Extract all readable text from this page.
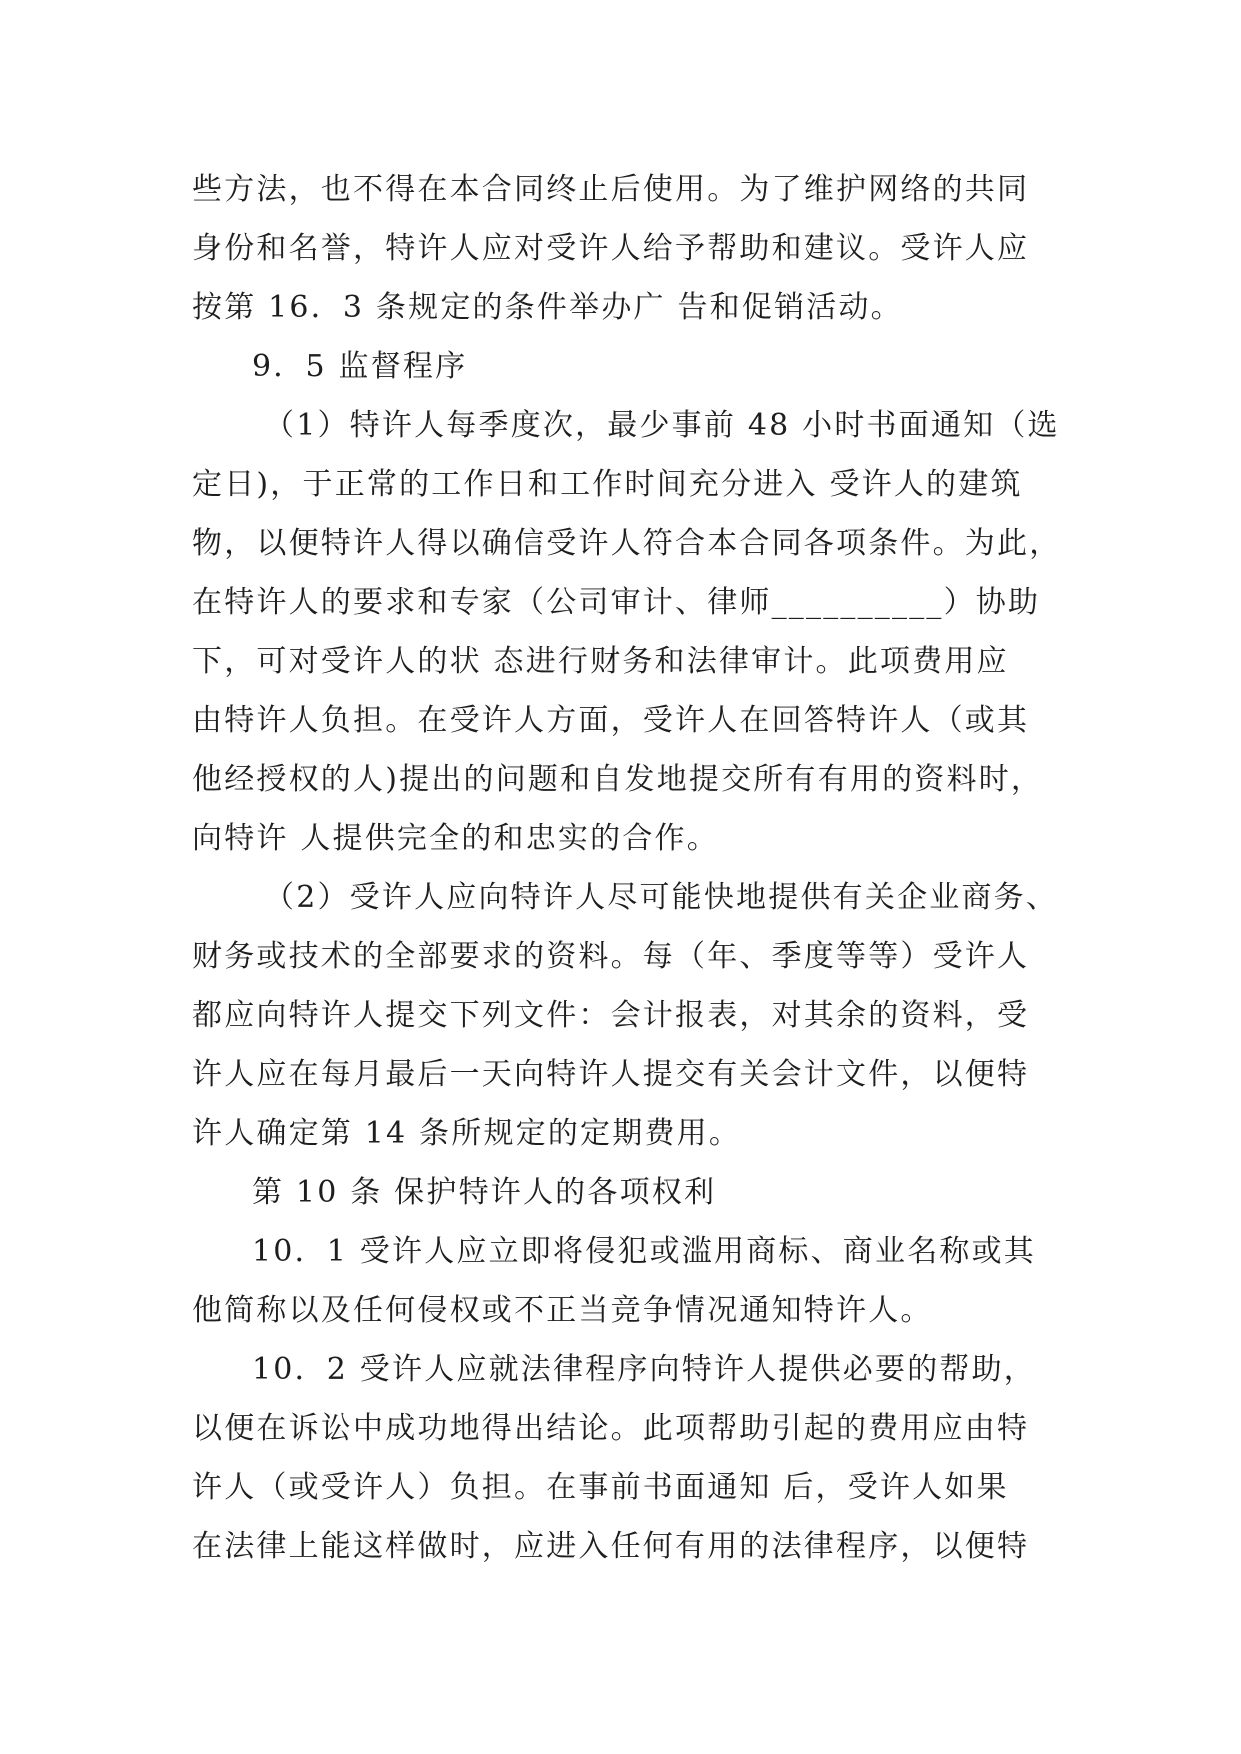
些方法，也不得在本合同终止后使用。为了维护网络的共同
身份和名誉，特许人应对受许人给予帮助和建议。受许人应
按第 16．3 条规定的条件举办广 告和促销活动。
9．5 监督程序
（1）特许人每季度次，最少事前 48 小时书面通知（选
定日)，于正常的工作日和工作时间充分进入 受许人的建筑
物，以便特许人得以确信受许人符合本合同各项条件。为此，
在特许人的要求和专家（公司审计、律师__________）协助
下，可对受许人的状 态进行财务和法律审计。此项费用应
由特许人负担。在受许人方面，受许人在回答特许人（或其
他经授权的人)提出的问题和自发地提交所有有用的资料时，
向特许 人提供完全的和忠实的合作。
（2）受许人应向特许人尽可能快地提供有关企业商务、
财务或技术的全部要求的资料。每（年、季度等等）受许人
都应向特许人提交下列文件：会计报表，对其余的资料，受
许人应在每月最后一天向特许人提交有关会计文件，以便特
许人确定第 14 条所规定的定期费用。
第 10 条 保护特许人的各项权利
10．1 受许人应立即将侵犯或滥用商标、商业名称或其
他简称以及任何侵权或不正当竞争情况通知特许人。
10．2 受许人应就法律程序向特许人提供必要的帮助，
以便在诉讼中成功地得出结论。此项帮助引起的费用应由特
许人（或受许人）负担。在事前书面通知 后，受许人如果
在法律上能这样做时，应进入任何有用的法律程序，以便特
